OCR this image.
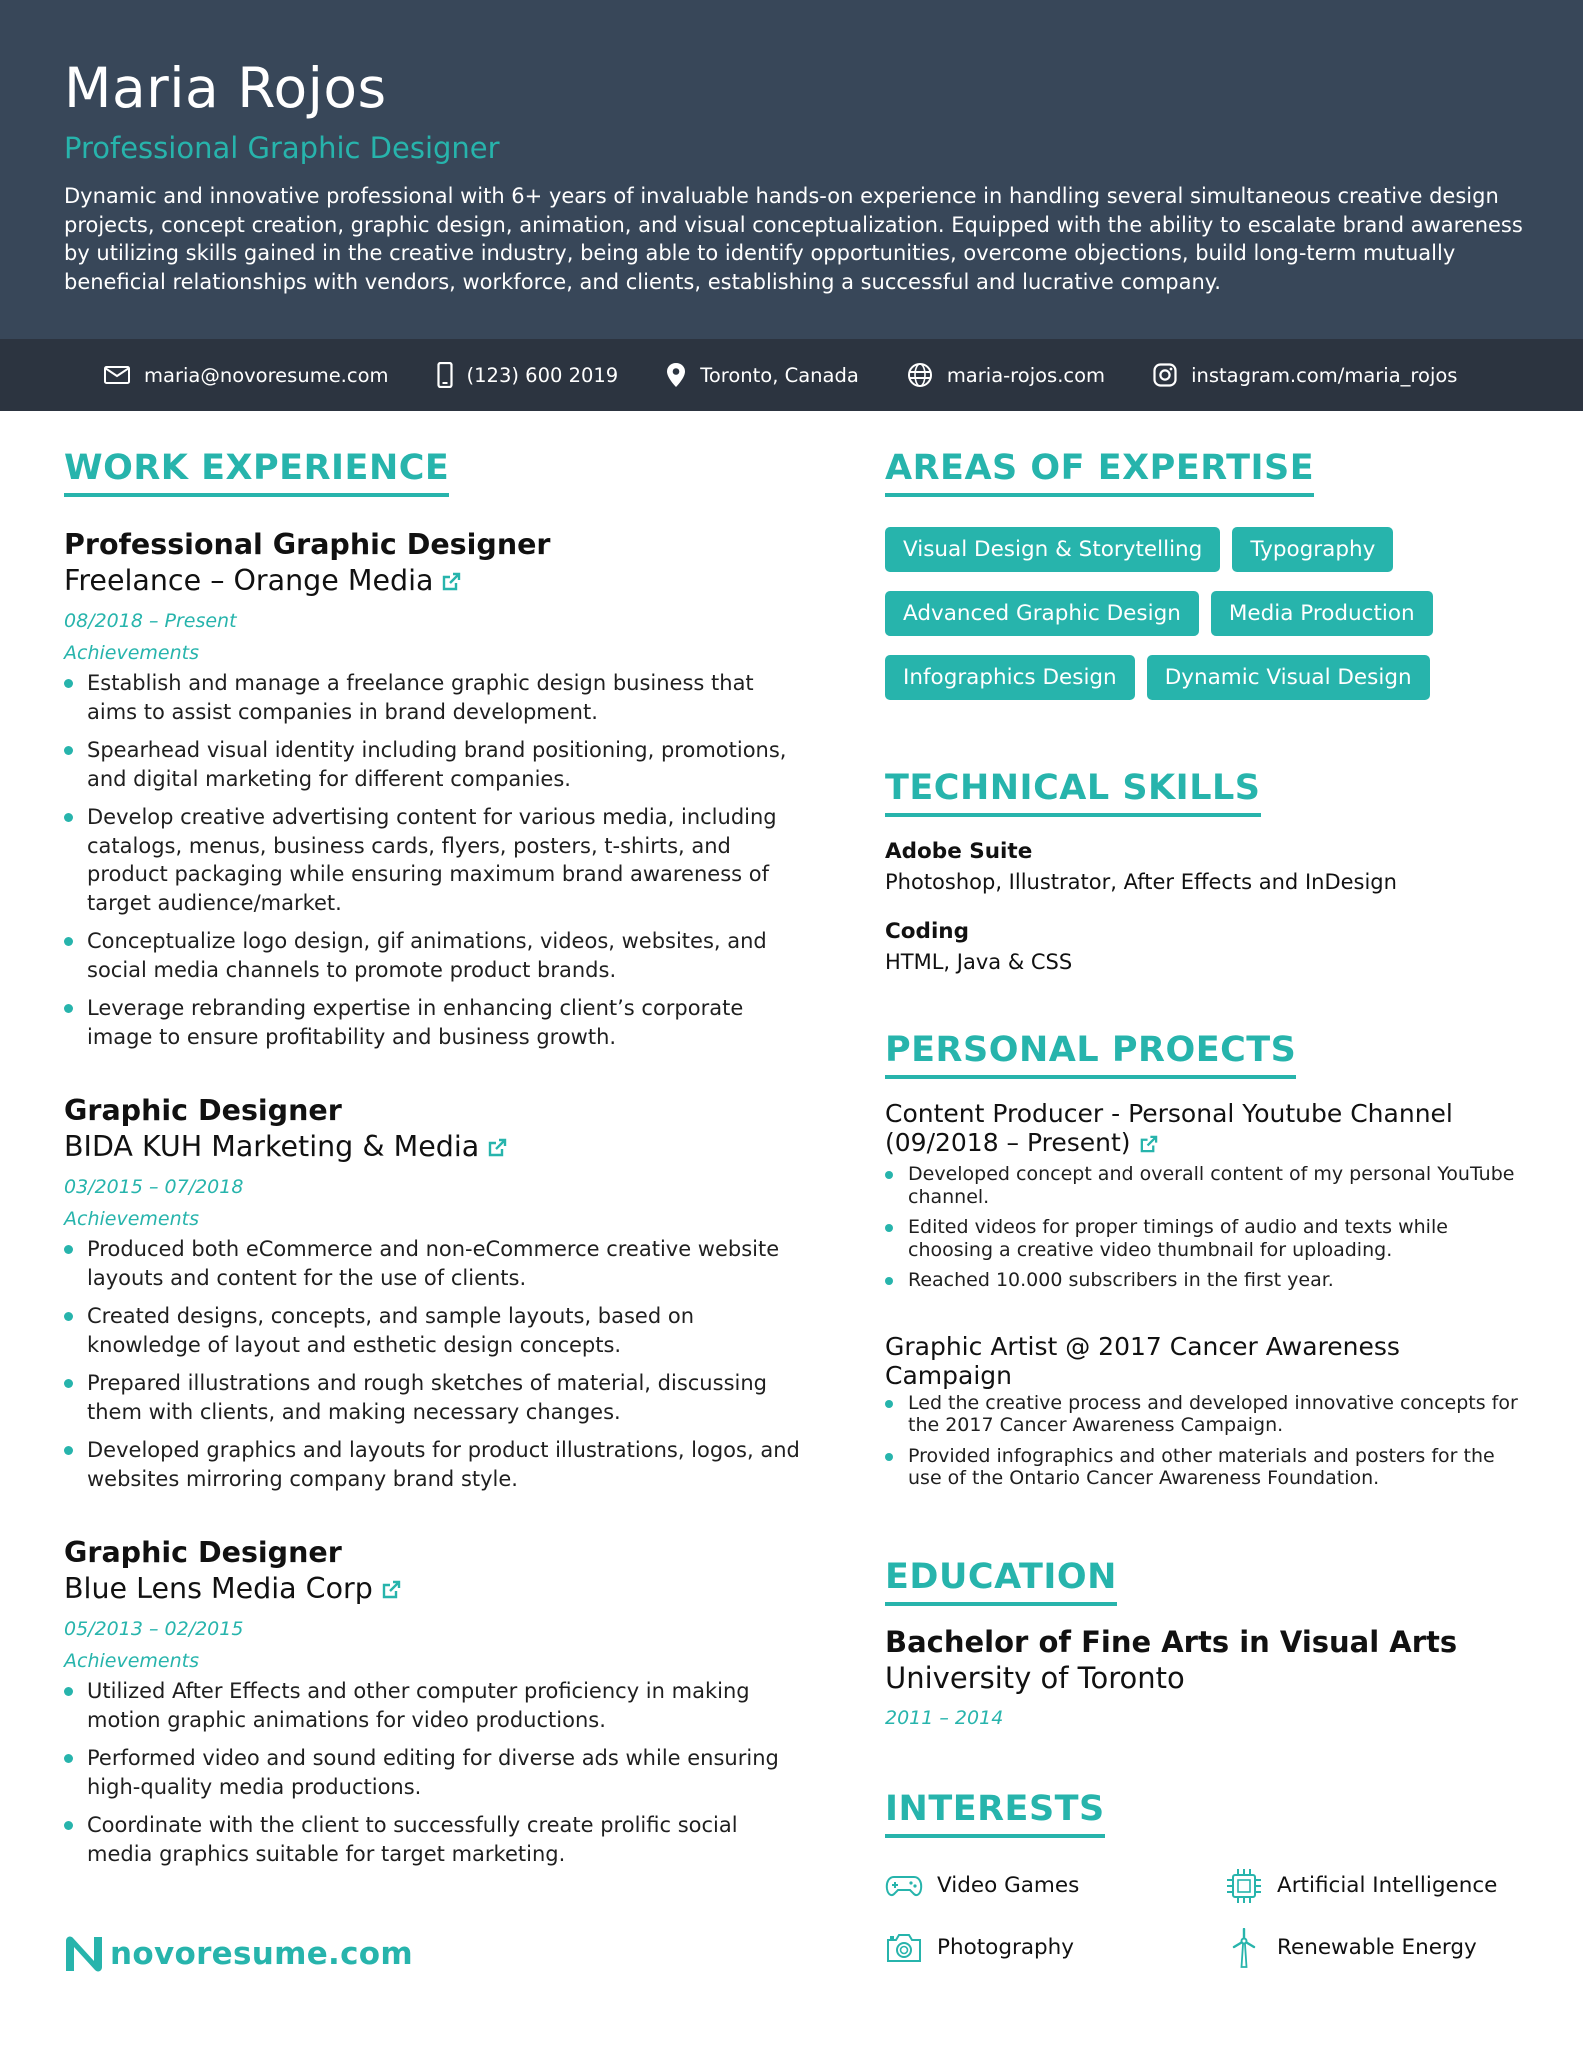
Maria Rojos
Professional Graphic Designer

Dynamic and innovative professional with 6+ years of invaluable hands-on experience in handling several simultaneous creative design projects, concept creation, graphic design, animation, and visual conceptualization. Equipped with the ability to escalate brand awareness by utilizing skills gained in the creative industry, being able to identify opportunities, overcome objections, build long-term mutually beneficial relationships with vendors, workforce, and clients, establishing a successful and lucrative company.

maria@novoresume.com	(123) 600 2019	Toronto, Canada	maria-rojos.com	instagram.com/maria_rojos
WORK EXPERIENCE
Professional Graphic Designer
Freelance – Orange Media
08/2018 – Present
Achievements
Establish and manage a freelance graphic design business that aims to assist companies in brand development.
Spearhead visual identity including brand positioning, promotions, and digital marketing for different companies.
Develop creative advertising content for various media, including catalogs, menus, business cards, flyers, posters, t-shirts, and product packaging while ensuring maximum brand awareness of target audience/market.
Conceptualize logo design, gif animations, videos, websites, and social media channels to promote product brands.
Leverage rebranding expertise in enhancing client’s corporate image to ensure profitability and business growth.
Graphic Designer
BIDA KUH Marketing & Media
03/2015 – 07/2018
Achievements
Produced both eCommerce and non-eCommerce creative website layouts and content for the use of clients.
Created designs, concepts, and sample layouts, based on knowledge of layout and esthetic design concepts.
Prepared illustrations and rough sketches of material, discussing them with clients, and making necessary changes.
Developed graphics and layouts for product illustrations, logos, and websites mirroring company brand style.
Graphic Designer
Blue Lens Media Corp
05/2013 – 02/2015
Achievements
Utilized After Effects and other computer proficiency in making motion graphic animations for video productions.
Performed video and sound editing for diverse ads while ensuring high-quality media productions.
Coordinate with the client to successfully create prolific social media graphics suitable for target marketing.
AREAS OF EXPERTISE
Visual Design & Storytelling	Typography
Advanced Graphic Design	Media Production
Infographics Design	Dynamic Visual Design
TECHNICAL SKILLS
Adobe Suite
Photoshop, Illustrator, After Effects and InDesign
Coding
HTML, Java & CSS
PERSONAL PROECTS
Content Producer - Personal Youtube Channel
(09/2018 – Present)
Developed concept and overall content of my personal YouTube channel.
Edited videos for proper timings of audio and texts while choosing a creative video thumbnail for uploading.
Reached 10.000 subscribers in the first year.
Graphic Artist @ 2017 Cancer Awareness Campaign
Led the creative process and developed innovative concepts for the 2017 Cancer Awareness Campaign.
Provided infographics and other materials and posters for the use of the Ontario Cancer Awareness Foundation.
EDUCATION
Bachelor of Fine Arts in Visual Arts
University of Toronto
2011 – 2014
INTERESTS
Video Games	Artificial Intelligence
Photography	Renewable Energy
novoresume.com
